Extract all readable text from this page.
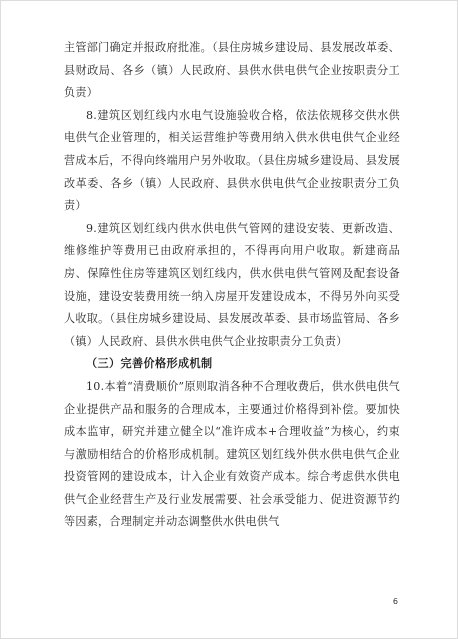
主管部门确定并报政府批准。（县住房城乡建设局、县发展改革委、县财政局、各乡（镇）人民政府、县供水供电供气企业按职责分工负责）

8.建筑区划红线内水电气设施验收合格，依法依规移交供水供电供气企业管理的，相关运营维护等费用纳入供水供电供气企业经营成本后，不得向终端用户另外收取。（县住房城乡建设局、县发展改革委、各乡（镇）人民政府、县供水供电供气企业按职责分工负责）

9.建筑区划红线内供水供电供气管网的建设安装、更新改造、维修维护等费用已由政府承担的，不得再向用户收取。新建商品房、保障性住房等建筑区划红线内，供水供电供气管网及配套设备设施，建设安装费用统一纳入房屋开发建设成本，不得另外向买受人收取。（县住房城乡建设局、县发展改革委、县市场监管局、各乡（镇）人民政府、县供水供电供气企业按职责分工负责）

（三）完善价格形成机制

10.本着“清费顺价”原则取消各种不合理收费后，供水供电供气企业提供产品和服务的合理成本，主要通过价格得到补偿。要加快成本监审，研究并建立健全以“准许成本+合理收益”为核心，约束与激励相结合的价格形成机制。建筑区划红线外供水供电供气企业投资管网的建设成本，计入企业有效资产成本。综合考虑供水供电供气企业经营生产及行业发展需要、社会承受能力、促进资源节约等因素，合理制定并动态调整供水供电供气

6
